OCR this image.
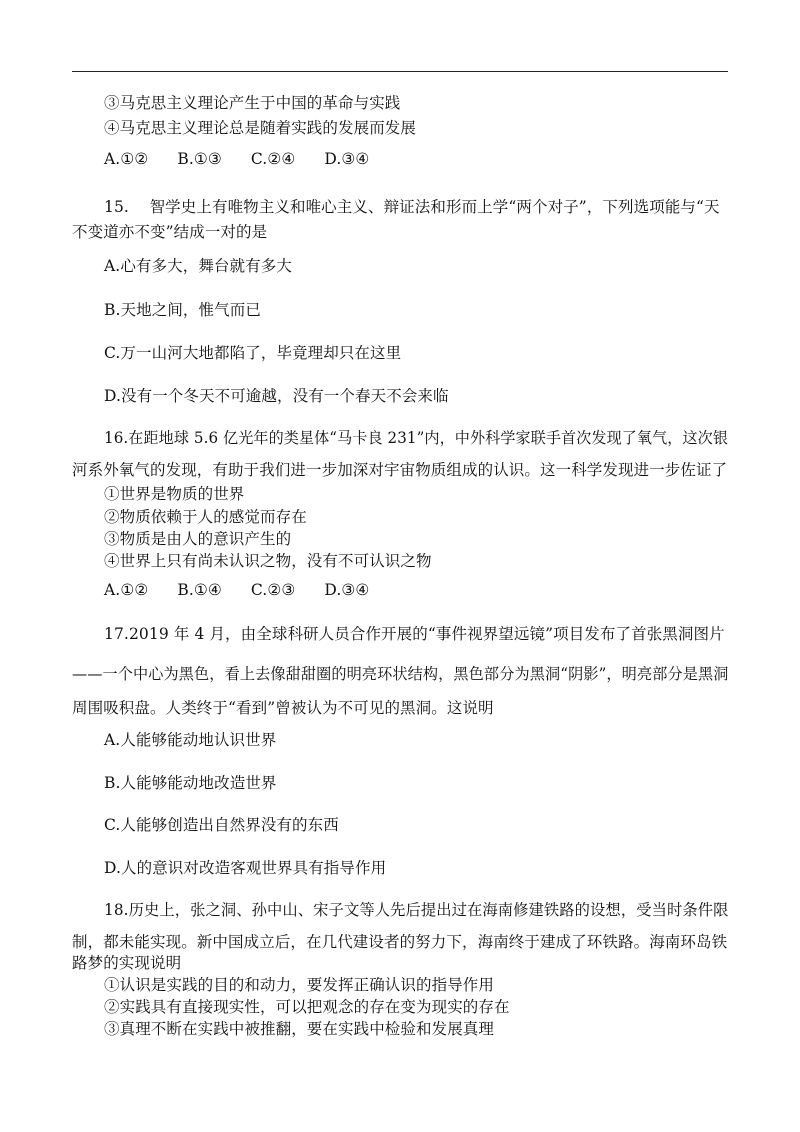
③马克思主义理论产生于中国的革命与实践
④马克思主义理论总是随着实践的发展而发展
A.①② B.①③ C.②④ D.③④
15.　 智学史上有唯物主义和唯心主义、辩证法和形而上学“两个对子”，下列选项能与“天
不变道亦不变”结成一对的是
A.心有多大，舞台就有多大
B.天地之间，惟气而已
C.万一山河大地都陷了，毕竟理却只在这里
D.没有一个冬天不可逾越，没有一个春天不会来临
16.在距地球 5.6 亿光年的类星体“马卡良 231”内，中外科学家联手首次发现了氧气，这次银
河系外氧气的发现，有助于我们进一步加深对宇宙物质组成的认识。这一科学发现进一步佐证了
①世界是物质的世界
②物质依赖于人的感觉而存在
③物质是由人的意识产生的
④世界上只有尚未认识之物，没有不可认识之物
A.①② B.①④ C.②③ D.③④
17.2019 年 4 月，由全球科研人员合作开展的“事件视界望远镜”项目发布了首张黑洞图片
——一个中心为黑色，看上去像甜甜圈的明亮环状结构，黑色部分为黑洞“阴影”，明亮部分是黑洞
周围吸积盘。人类终于“看到”曾被认为不可见的黑洞。这说明
A.人能够能动地认识世界
B.人能够能动地改造世界
C.人能够创造出自然界没有的东西
D.人的意识对改造客观世界具有指导作用
18.历史上，张之洞、孙中山、宋子文等人先后提出过在海南修建铁路的设想，受当时条件限
制，都未能实现。新中国成立后，在几代建设者的努力下，海南终于建成了环铁路。海南环岛铁
路梦的实现说明
①认识是实践的目的和动力，要发挥正确认识的指导作用
②实践具有直接现实性，可以把观念的存在变为现实的存在
③真理不断在实践中被推翻，要在实践中检验和发展真理
